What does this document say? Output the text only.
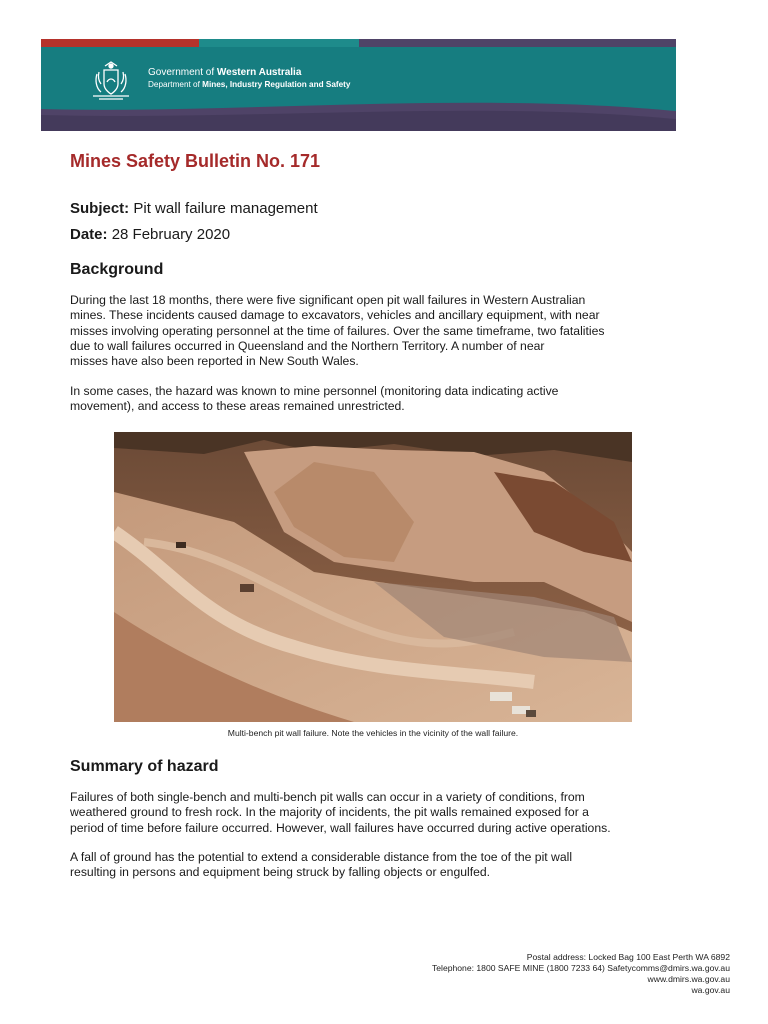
Government of Western Australia
Department of Mines, Industry Regulation and Safety
Mines Safety Bulletin No. 171
Subject: Pit wall failure management
Date: 28 February 2020
Background
During the last 18 months, there were five significant open pit wall failures in Western Australian
mines. These incidents caused damage to excavators, vehicles and ancillary equipment, with near
misses involving operating personnel at the time of failures. Over the same timeframe, two fatalities
due to wall failures occurred in Queensland and the Northern Territory. A number of near
misses have also been reported in New South Wales.
In some cases, the hazard was known to mine personnel (monitoring data indicating active
movement), and access to these areas remained unrestricted.
Multi-bench pit wall failure. Note the vehicles in the vicinity of the wall failure.
Summary of hazard
Failures of both single-bench and multi-bench pit walls can occur in a variety of conditions, from
weathered ground to fresh rock. In the majority of incidents, the pit walls remained exposed for a
period of time before failure occurred. However, wall failures have occurred during active operations.
A fall of ground has the potential to extend a considerable distance from the toe of the pit wall
resulting in persons and equipment being struck by falling objects or engulfed.
Postal address: Locked Bag 100 East Perth WA 6892
Telephone: 1800 SAFE MINE (1800 7233 64) Safetycomms@dmirs.wa.gov.au
www.dmirs.wa.gov.au
wa.gov.au
